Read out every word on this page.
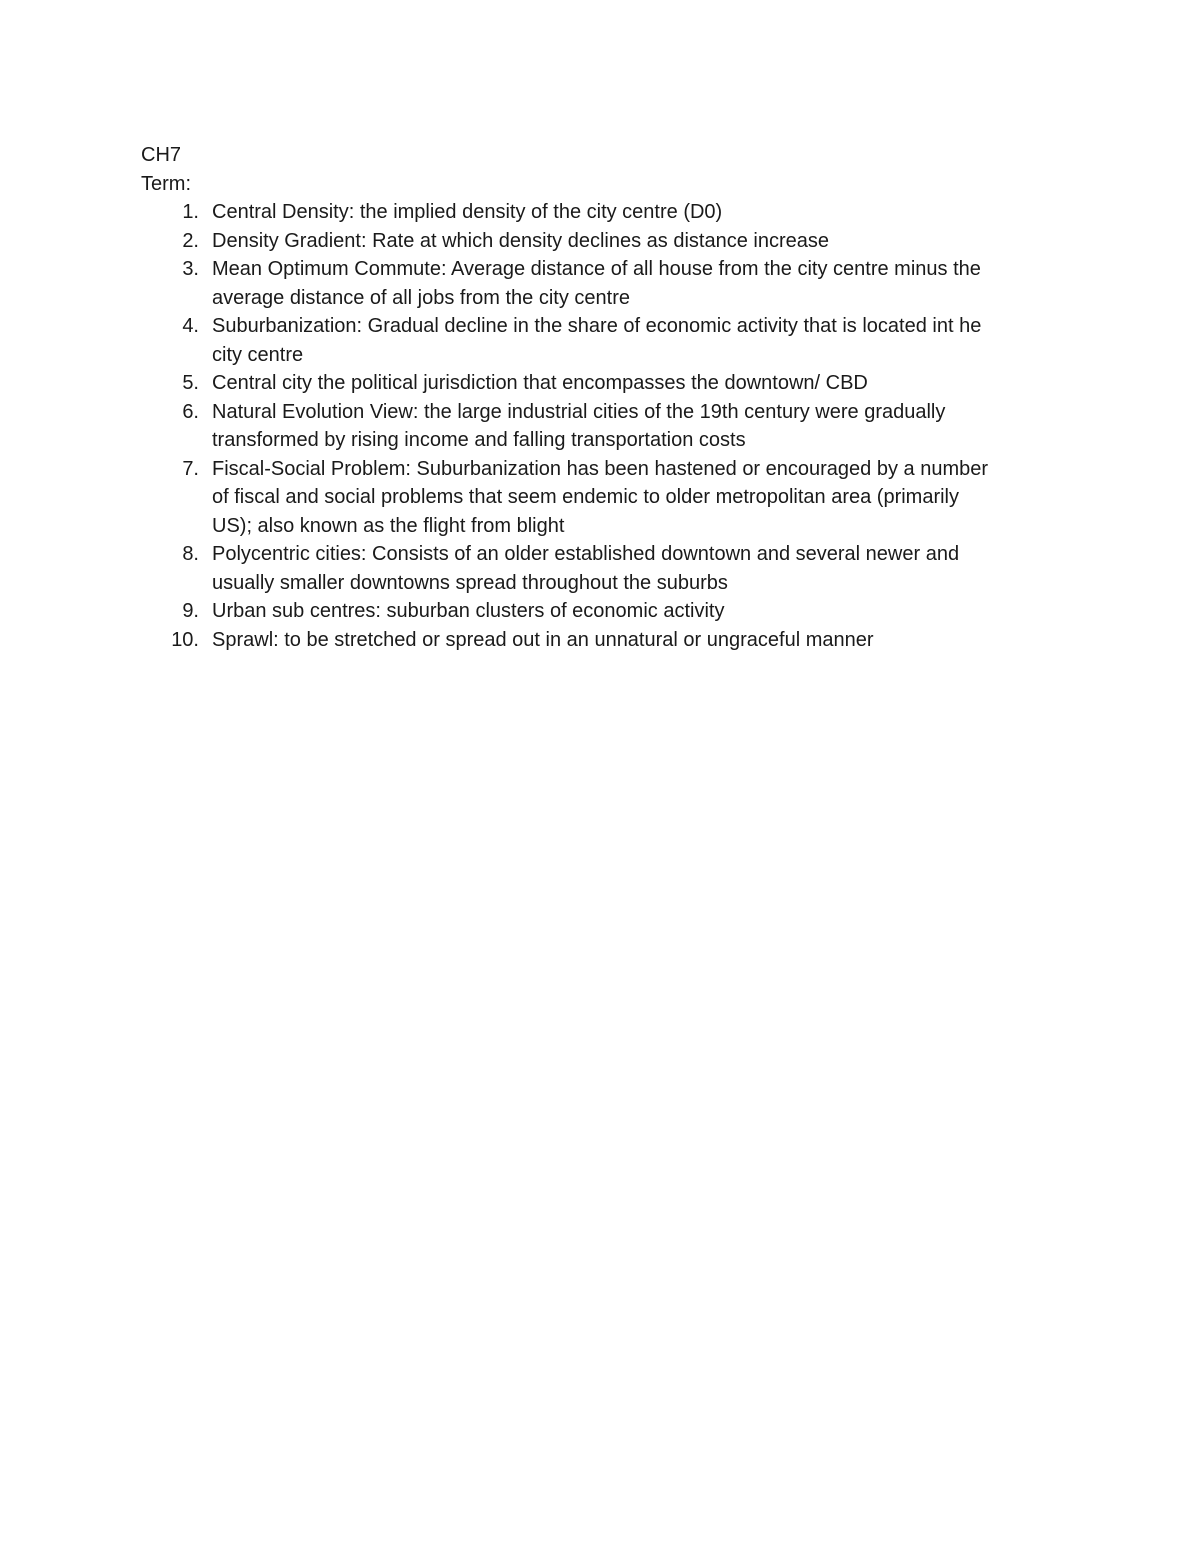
CH7
Term:
1. Central Density: the implied density of the city centre (D0)
2. Density Gradient: Rate at which density declines as distance increase
3. Mean Optimum Commute: Average distance of all house from the city centre minus the
average distance of all jobs from the city centre
4. Suburbanization: Gradual decline in the share of economic activity that is located int he
city centre
5. Central city the political jurisdiction that encompasses the downtown/ CBD
6. Natural Evolution View: the large industrial cities of the 19th century were gradually
transformed by rising income and falling transportation costs
7. Fiscal-Social Problem: Suburbanization has been hastened or encouraged by a number
of fiscal and social problems that seem endemic to older metropolitan area (primarily
US); also known as the flight from blight
8. Polycentric cities: Consists of an older established downtown and several newer and
usually smaller downtowns spread throughout the suburbs
9. Urban sub centres: suburban clusters of economic activity
10. Sprawl: to be stretched or spread out in an unnatural or ungraceful manner
